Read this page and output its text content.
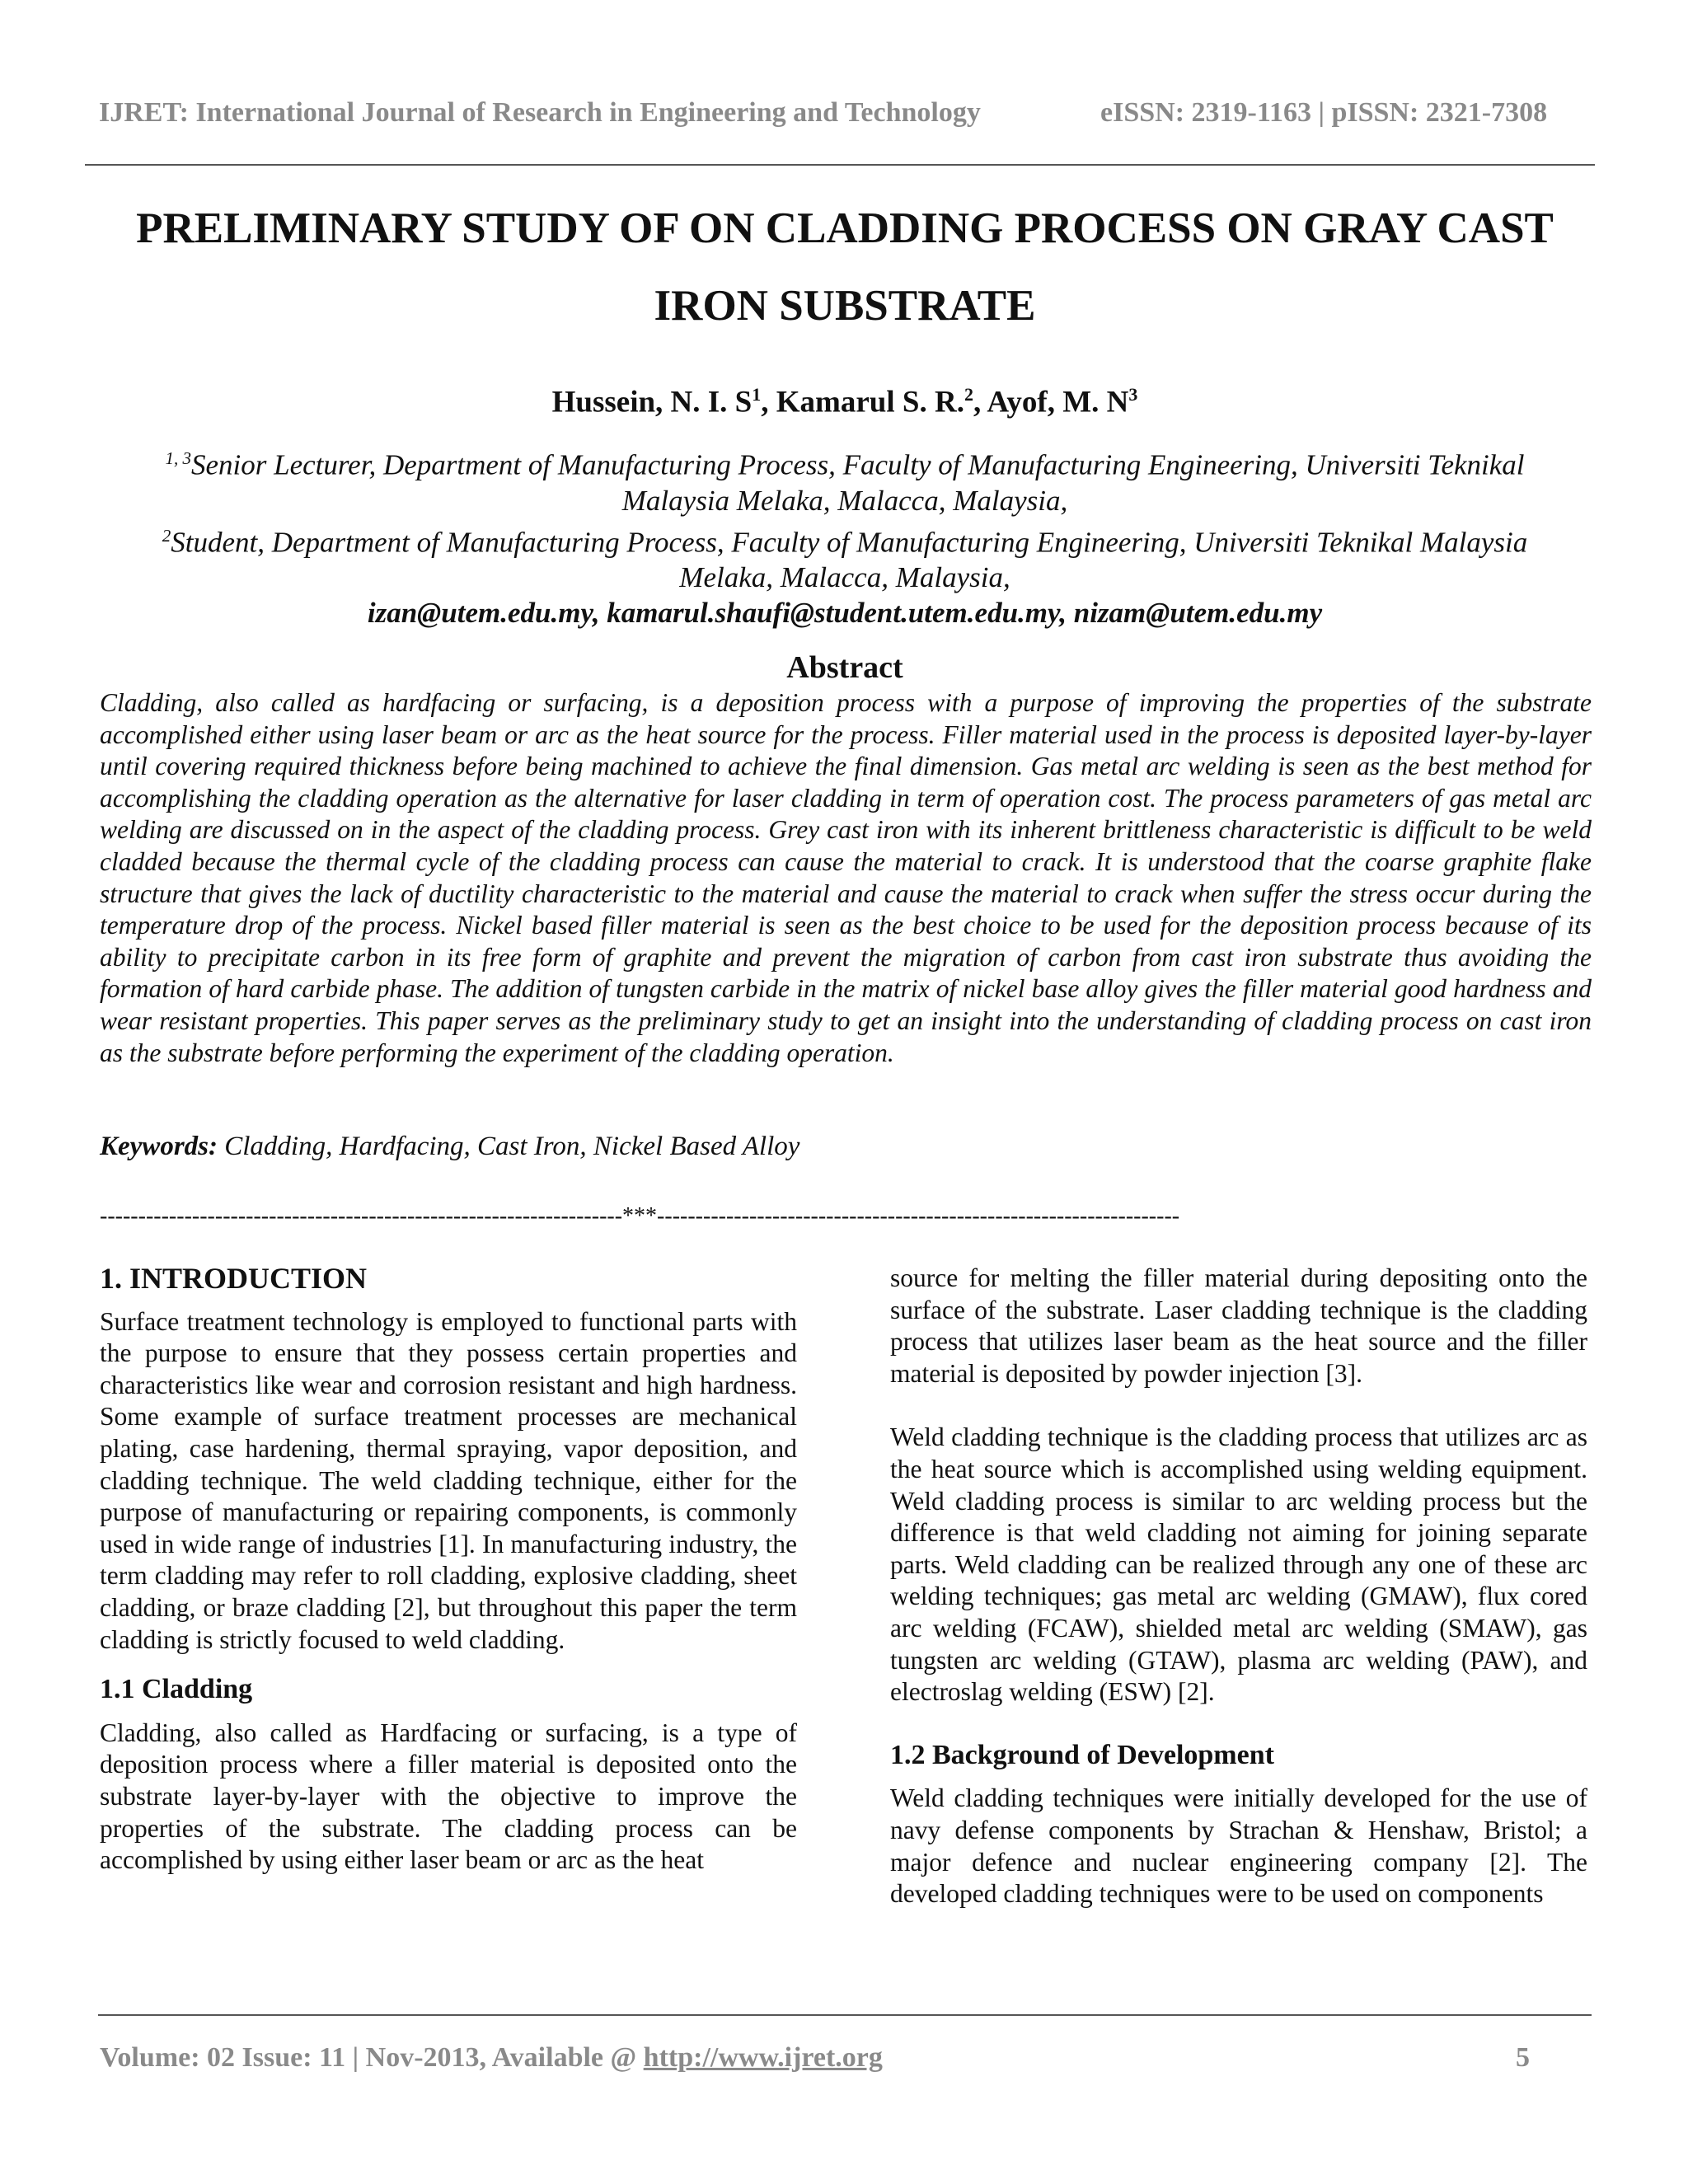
IJRET: International Journal of Research in Engineering and Technology	eISSN: 2319-1163 | pISSN: 2321-7308
PRELIMINARY STUDY OF ON CLADDING PROCESS ON GRAY CAST
IRON SUBSTRATE
Hussein, N. I. $S^1$, Kamarul S. R.$^2$, Ayof, M. $N^3$
$^{1, 3}$Senior Lecturer, Department of Manufacturing Process, Faculty of Manufacturing Engineering, Universiti Teknikal
Malaysia Melaka, Malacca, Malaysia,
$^2$Student, Department of Manufacturing Process, Faculty of Manufacturing Engineering, Universiti Teknikal Malaysia
Melaka, Malacca, Malaysia,
izan@utem.edu.my, kamarul.shaufi@student.utem.edu.my, nizam@utem.edu.my
Abstract
Cladding, also called as hardfacing or surfacing, is a deposition process with a purpose of improving the properties of the substrate accomplished either using laser beam or arc as the heat source for the process. Filler material used in the process is deposited layer-by-layer until covering required thickness before being machined to achieve the final dimension. Gas metal arc welding is seen as the best method for accomplishing the cladding operation as the alternative for laser cladding in term of operation cost. The process parameters of gas metal arc welding are discussed on in the aspect of the cladding process. Grey cast iron with its inherent brittleness characteristic is difficult to be weld cladded because the thermal cycle of the cladding process can cause the material to crack. It is understood that the coarse graphite flake structure that gives the lack of ductility characteristic to the material and cause the material to crack when suffer the stress occur during the temperature drop of the process. Nickel based filler material is seen as the best choice to be used for the deposition process because of its ability to precipitate carbon in its free form of graphite and prevent the migration of carbon from cast iron substrate thus avoiding the formation of hard carbide phase. The addition of tungsten carbide in the matrix of nickel base alloy gives the filler material good hardness and wear resistant properties. This paper serves as the preliminary study to get an insight into the understanding of cladding process on cast iron as the substrate before performing the experiment of the cladding operation.
Keywords: Cladding, Hardfacing, Cast Iron, Nickel Based Alloy
--------------------------------------------------------------------***--------------------------------------------------------------------
1. INTRODUCTION

Surface treatment technology is employed to functional parts with the purpose to ensure that they possess certain properties and characteristics like wear and corrosion resistant and high hardness. Some example of surface treatment processes are mechanical plating, case hardening, thermal spraying, vapor deposition, and cladding technique. The weld cladding technique, either for the purpose of manufacturing or repairing components, is commonly used in wide range of industries [1]. In manufacturing industry, the term cladding may refer to roll cladding, explosive cladding, sheet cladding, or braze cladding [2], but throughout this paper the term cladding is strictly focused to weld cladding.

1.1 Cladding

Cladding, also called as Hardfacing or surfacing, is a type of deposition process where a filler material is deposited onto the substrate layer-by-layer with the objective to improve the properties of the substrate. The cladding process can be accomplished by using either laser beam or arc as the heat

source for melting the filler material during depositing onto the surface of the substrate. Laser cladding technique is the cladding process that utilizes laser beam as the heat source and the filler material is deposited by powder injection [3].

Weld cladding technique is the cladding process that utilizes arc as the heat source which is accomplished using welding equipment. Weld cladding process is similar to arc welding process but the difference is that weld cladding not aiming for joining separate parts. Weld cladding can be realized through any one of these arc welding techniques; gas metal arc welding (GMAW), flux cored arc welding (FCAW), shielded metal arc welding (SMAW), gas tungsten arc welding (GTAW), plasma arc welding (PAW), and electroslag welding (ESW) [2].

1.2 Background of Development

Weld cladding techniques were initially developed for the use of navy defense components by Strachan & Henshaw, Bristol; a major defence and nuclear engineering company [2]. The developed cladding techniques were to be used on components

Volume: 02 Issue: 11 | Nov-2013, Available @ http://www.ijret.org	5
